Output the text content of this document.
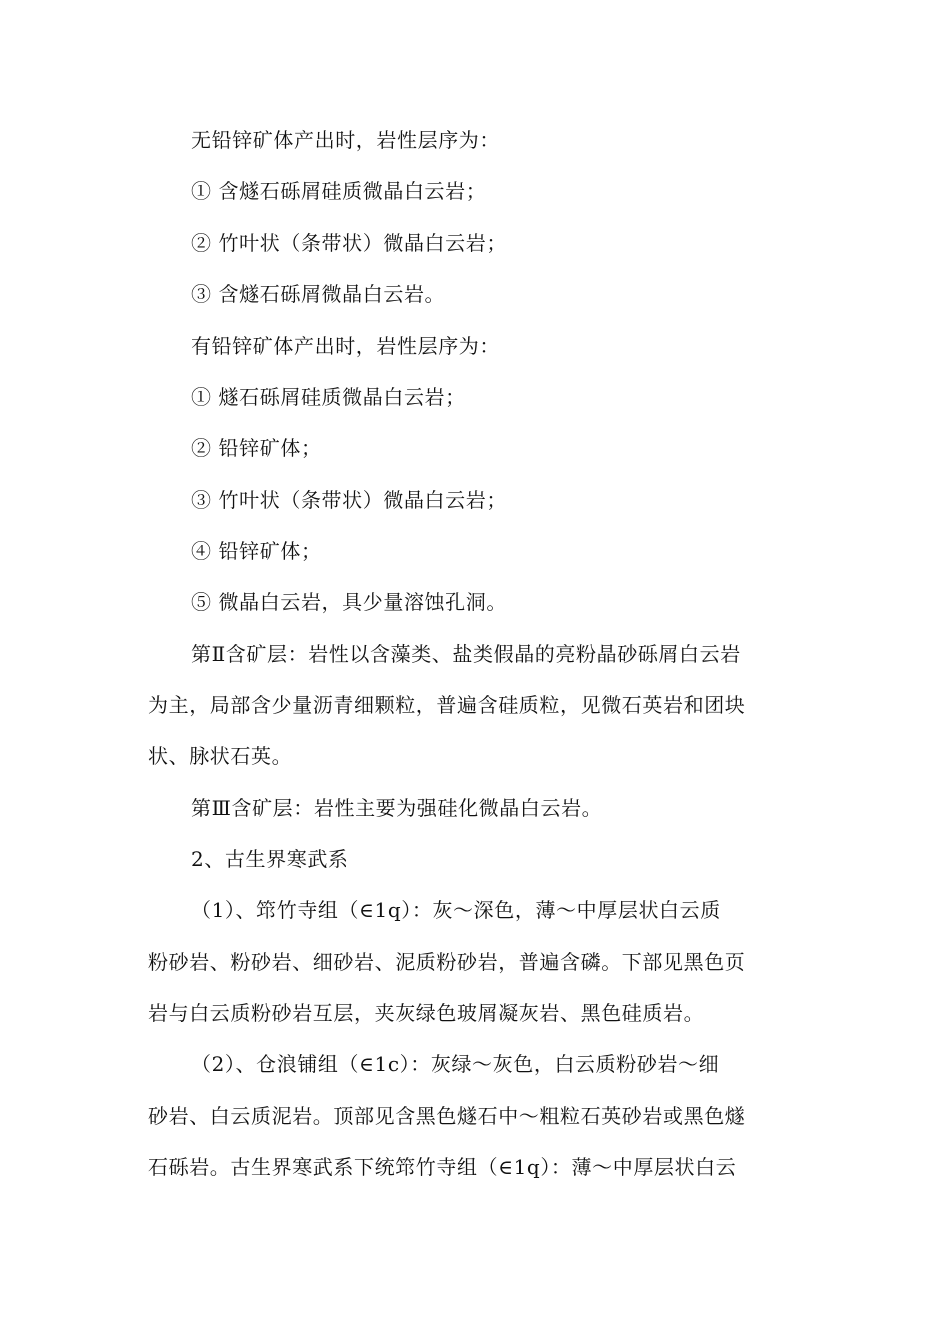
无铅锌矿体产出时，岩性层序为：
① 含燧石砾屑硅质微晶白云岩；
② 竹叶状（条带状）微晶白云岩；
③ 含燧石砾屑微晶白云岩。
有铅锌矿体产出时，岩性层序为：
① 燧石砾屑硅质微晶白云岩；
② 铅锌矿体；
③ 竹叶状（条带状）微晶白云岩；
④ 铅锌矿体；
⑤ 微晶白云岩，具少量溶蚀孔洞。
第Ⅱ含矿层：岩性以含藻类、盐类假晶的亮粉晶砂砾屑白云岩
为主，局部含少量沥青细颗粒，普遍含硅质粒，见微石英岩和团块
状、脉状石英。
第Ⅲ含矿层：岩性主要为强硅化微晶白云岩。
2、古生界寒武系
（1）、筇竹寺组（∈1q）：灰～深色，薄～中厚层状白云质
粉砂岩、粉砂岩、细砂岩、泥质粉砂岩，普遍含磷。下部见黑色页
岩与白云质粉砂岩互层，夹灰绿色玻屑凝灰岩、黑色硅质岩。
（2）、仓浪铺组（∈1c）：灰绿～灰色，白云质粉砂岩～细
砂岩、白云质泥岩。顶部见含黑色燧石中～粗粒石英砂岩或黑色燧
石砾岩。古生界寒武系下统筇竹寺组（∈1q）：薄～中厚层状白云
